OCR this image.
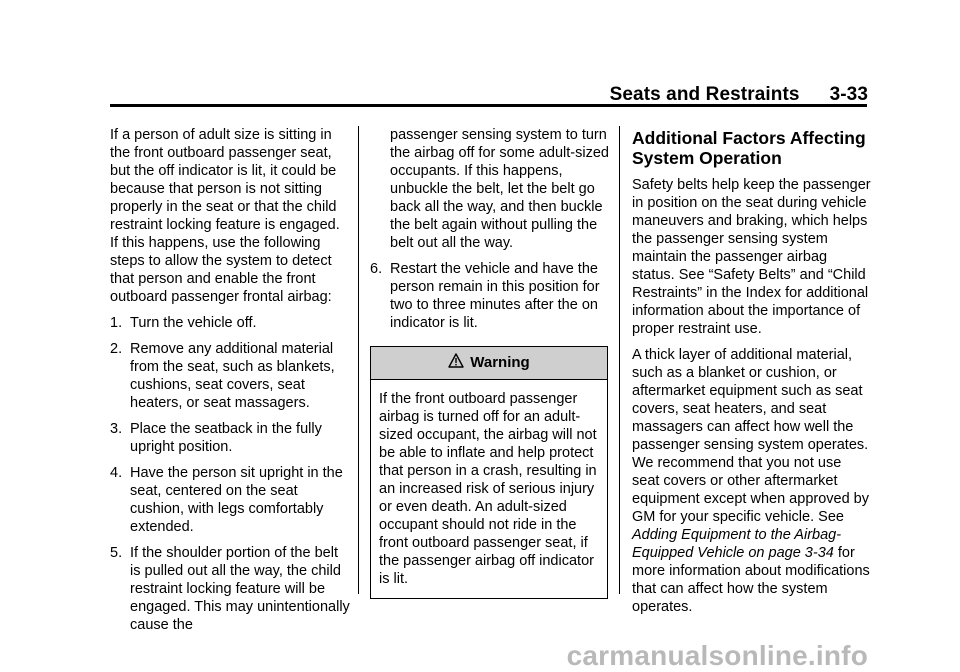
Seats and Restraints 3-33

If a person of adult size is sitting in the front outboard passenger seat, but the off indicator is lit, it could be because that person is not sitting properly in the seat or that the child restraint locking feature is engaged. If this happens, use the following steps to allow the system to detect that person and enable the front outboard passenger frontal airbag:

1. Turn the vehicle off.
2. Remove any additional material from the seat, such as blankets, cushions, seat covers, seat heaters, or seat massagers.
3. Place the seatback in the fully upright position.
4. Have the person sit upright in the seat, centered on the seat cushion, with legs comfortably extended.
5. If the shoulder portion of the belt is pulled out all the way, the child restraint locking feature will be engaged. This may unintentionally cause the
passenger sensing system to turn the airbag off for some adult-sized occupants. If this happens, unbuckle the belt, let the belt go back all the way, and then buckle the belt again without pulling the belt out all the way.
6. Restart the vehicle and have the person remain in this position for two to three minutes after the on indicator is lit.
Warning
If the front outboard passenger airbag is turned off for an adult-sized occupant, the airbag will not be able to inflate and help protect that person in a crash, resulting in an increased risk of serious injury or even death. An adult-sized occupant should not ride in the front outboard passenger seat, if the passenger airbag off indicator is lit.
Additional Factors Affecting System Operation

Safety belts help keep the passenger in position on the seat during vehicle maneuvers and braking, which helps the passenger sensing system maintain the passenger airbag status. See “Safety Belts” and “Child Restraints” in the Index for additional information about the importance of proper restraint use.

A thick layer of additional material, such as a blanket or cushion, or aftermarket equipment such as seat covers, seat heaters, and seat massagers can affect how well the passenger sensing system operates. We recommend that you not use seat covers or other aftermarket equipment except when approved by GM for your specific vehicle. See Adding Equipment to the Airbag-Equipped Vehicle on page 3-34 for more information about modifications that can affect how the system operates.

carmanualsonline.info
